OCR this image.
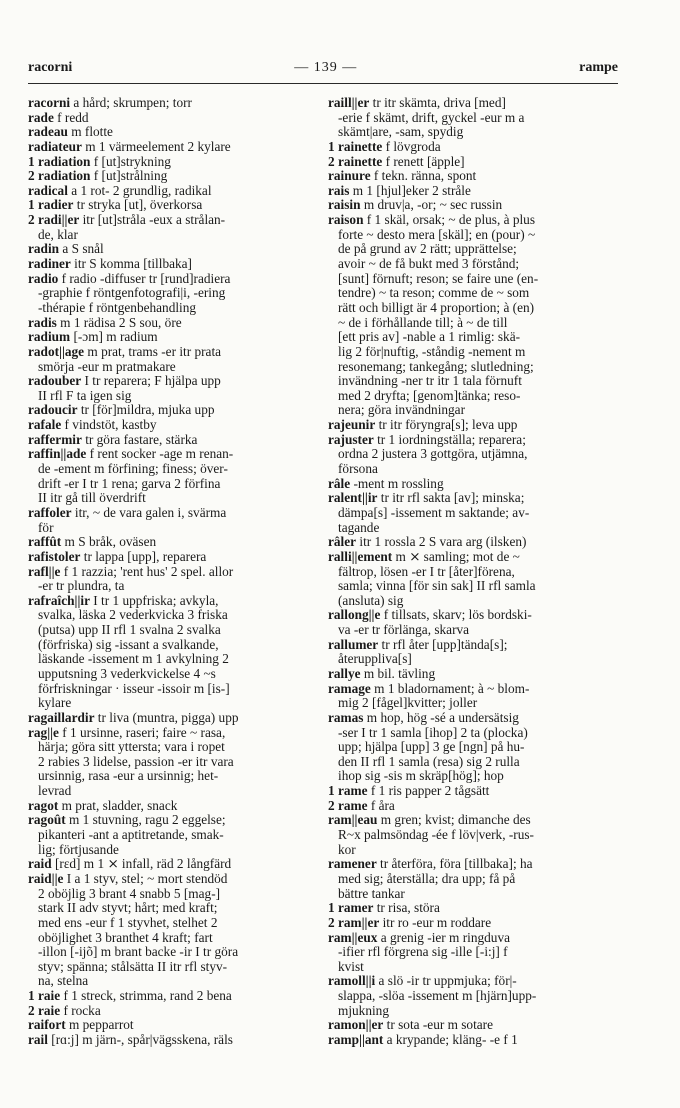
racorni	— 139 —	rampe
racorni a hård; skrumpen; torr
rade f redd
radeau m flotte
radiateur m 1 värmeelement 2 kylare
1 radiation f [ut]strykning
2 radiation f [ut]strålning
radical a 1 rot- 2 grundlig, radikal
1 radier tr stryka [ut], överkorsa
2 radi||er itr [ut]stråla -eux a strålan-
de, klar
radin a S snål
radiner itr S komma [tillbaka]
radio f radio -diffuser tr [rund]radiera
-graphie f röntgenfotografi|i, -ering
-thérapie f röntgenbehandling
radis m 1 rädisa 2 S sou, öre
radium [-ɔm] m radium
radot||age m prat, trams -er itr prata
smörja -eur m pratmakare
radouber I tr reparera; F hjälpa upp
II rfl F ta igen sig
radoucir tr [för]mildra, mjuka upp
rafale f vindstöt, kastby
raffermir tr göra fastare, stärka
raffin||ade f rent socker -age m renan-
de -ement m förfining; finess; över-
drift -er I tr 1 rena; garva 2 förfina
II itr gå till överdrift
raffoler itr, ~ de vara galen i, svärma
för
raffût m S bråk, oväsen
rafistoler tr lappa [upp], reparera
rafl||e f 1 razzia; 'rent hus' 2 spel. allor
-er tr plundra, ta
rafraîch||ir I tr 1 uppfriska; avkyla,
svalka, läska 2 vederkvicka 3 friska
(putsa) upp II rfl 1 svalna 2 svalka
(förfriska) sig -issant a svalkande,
läskande -issement m 1 avkylning 2
upputsning 3 vederkvickelse 4 ~s
förfriskningar · isseur -issoir m [is-]
kylare
ragaillardir tr liva (muntra, pigga) upp
rag||e f 1 ursinne, raseri; faire ~ rasa,
härja; göra sitt yttersta; vara i ropet
2 rabies 3 lidelse, passion -er itr vara
ursinnig, rasa -eur a ursinnig; het-
levrad
ragot m prat, sladder, snack
ragoût m 1 stuvning, ragu 2 eggelse;
pikanteri -ant a aptitretande, smak-
lig; förtjusande
raid [rɛd] m 1 ⨯ infall, räd 2 långfärd
raid||e I a 1 styv, stel; ~ mort stendöd
2 oböjlig 3 brant 4 snabb 5 [mag-]
stark II adv styvt; hårt; med kraft;
med ens -eur f 1 styvhet, stelhet 2
oböjlighet 3 branthet 4 kraft; fart
-illon [-ijõ] m brant backe -ir I tr göra
styv; spänna; stålsätta II itr rfl styv-
na, stelna
1 raie f 1 streck, strimma, rand 2 bena
2 raie f rocka
raifort m pepparrot
rail [rɑ:j] m järn-, spår|vägsskena, räls
raill||er tr itr skämta, driva [med]
-erie f skämt, drift, gyckel -eur m a
skämt|are, -sam, spydig
1 rainette f lövgroda
2 rainette f renett [äpple]
rainure f tekn. ränna, spont
rais m 1 [hjul]eker 2 stråle
raisin m druv|a, -or; ~ sec russin
raison f 1 skäl, orsak; ~ de plus, à plus
forte ~ desto mera [skäl]; en (pour) ~
de på grund av 2 rätt; upprättelse;
avoir ~ de få bukt med 3 förstånd;
[sunt] förnuft; reson; se faire une (en-
tendre) ~ ta reson; comme de ~ som
rätt och billigt är 4 proportion; à (en)
~ de i förhållande till; à ~ de till
[ett pris av] -nable a 1 rimlig: skä-
lig 2 för|nuftig, -ståndig -nement m
resonemang; tankegång; slutledning;
invändning -ner tr itr 1 tala förnuft
med 2 dryfta; [genom]tänka; reso-
nera; göra invändningar
rajeunir tr itr föryngra[s]; leva upp
rajuster tr 1 iordningställa; reparera;
ordna 2 justera 3 gottgöra, utjämna,
försona
râle -ment m rossling
ralent||ir tr itr rfl sakta [av]; minska;
dämpa[s] -issement m saktande; av-
tagande
râler itr 1 rossla 2 S vara arg (ilsken)
ralli||ement m ⨯ samling; mot de ~
fältrop, lösen -er I tr [åter]förena,
samla; vinna [för sin sak] II rfl samla
(ansluta) sig
rallong||e f tillsats, skarv; lös bordski-
va -er tr förlänga, skarva
rallumer tr rfl åter [upp]tända[s];
återuppliva[s]
rallye m bil. tävling
ramage m 1 bladornament; à ~ blom-
mig 2 [fågel]kvitter; joller
ramas m hop, hög -sé a undersätsig
-ser I tr 1 samla [ihop] 2 ta (plocka)
upp; hjälpa [upp] 3 ge [ngn] på hu-
den II rfl 1 samla (resa) sig 2 rulla
ihop sig -sis m skräp[hög]; hop
1 rame f 1 ris papper 2 tågsätt
2 rame f åra
ram||eau m gren; kvist; dimanche des
R~x palmsöndag -ée f löv|verk, -rus-
kor
ramener tr återföra, föra [tillbaka]; ha
med sig; återställa; dra upp; få på
bättre tankar
1 ramer tr risa, störa
2 ram||er itr ro -eur m roddare
ram||eux a grenig -ier m ringduva
-ifier rfl förgrena sig -ille [-i:j] f
kvist
ramoll||i a slö -ir tr uppmjuka; för|-
slappa, -slöa -issement m [hjärn]upp-
mjukning
ramon||er tr sota -eur m sotare
ramp||ant a krypande; kläng- -e f 1
